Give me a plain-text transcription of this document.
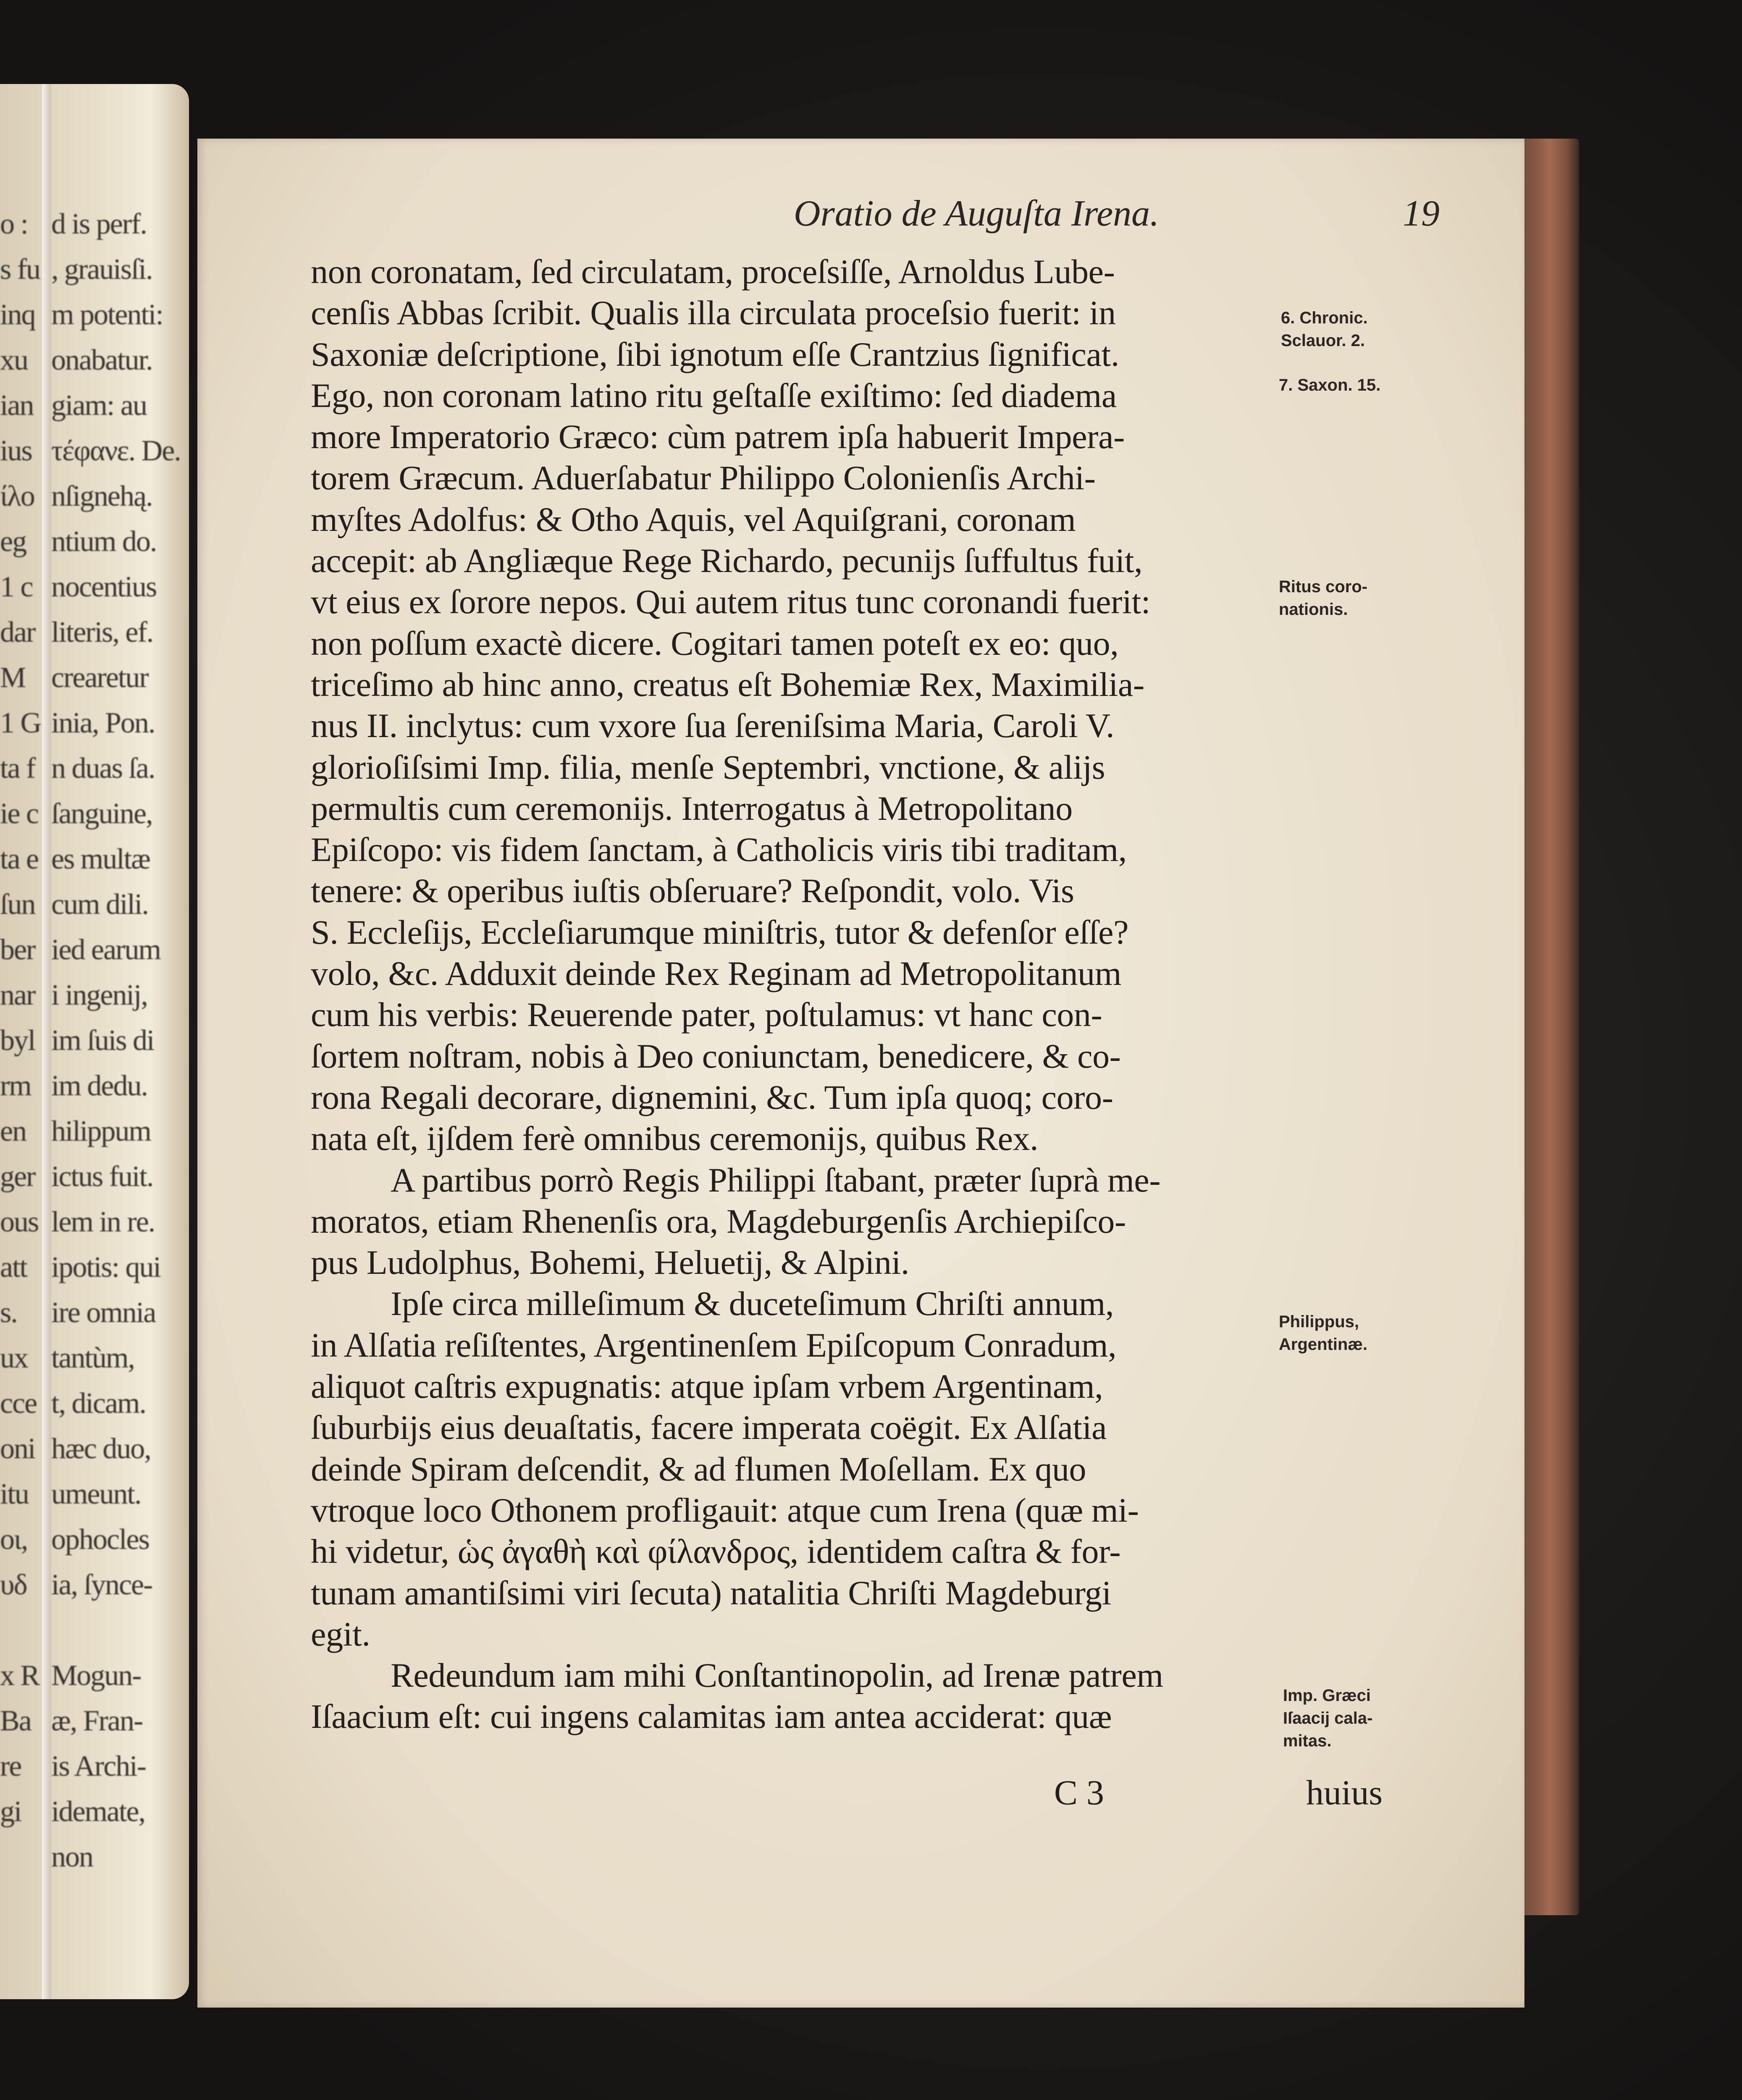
o : d is perf.
s fu , grauisſi.
inq m potenti:
xu onabatur.
ian giam: au
ius τέφανε. De.
ίλο nſignehą.
eg ntium do.
1 c nocentius
dar literis, ef.
M crearetur
1 G inia, Pon.
ta f n duas ſa.
ie c ſanguine,
ta e es multæ
ſun cum dili.
ber ied earum
nar i ingenij,
byl im ſuis di
rm im dedu.
en hilippum
ger ictus fuit.
ous lem in re.
att ipotis: qui
s. ire omnia
ux tantùm,
cce t, dicam.
oni hæc duo,
itu umeunt.
οι, ophocles
υδ ia, ſynce-
x R Mogun-
Ba æ, Fran-
re is Archi-
gi idemate,
non
Oratio de Auguſta Irena.	19
non coronatam, ſed circulatam, proceſsiſſe, Arnoldus Lube-
cenſis Abbas ſcribit. Qualis illa circulata proceſsio fuerit: in
Saxoniæ deſcriptione, ſibi ignotum eſſe Crantzius ſignificat.
Ego, non coronam latino ritu geſtaſſe exiſtimo: ſed diadema
more Imperatorio Græco: cùm patrem ipſa habuerit Impera-
torem Græcum. Aduerſabatur Philippo Colonienſis Archi-
myſtes Adolfus: & Otho Aquis, vel Aquiſgrani, coronam
accepit: ab Angliæque Rege Richardo, pecunijs ſuffultus fuit,
vt eius ex ſorore nepos. Qui autem ritus tunc coronandi fuerit:
non poſſum exactè dicere. Cogitari tamen poteſt ex eo: quo,
triceſimo ab hinc anno, creatus eſt Bohemiæ Rex, Maximilia-
nus II. inclytus: cum vxore ſua ſereniſsima Maria, Caroli V.
glorioſiſsimi Imp. filia, menſe Septembri, vnctione, & alijs
permultis cum ceremonijs. Interrogatus à Metropolitano
Epiſcopo: vis fidem ſanctam, à Catholicis viris tibi traditam,
tenere: & operibus iuſtis obſeruare? Reſpondit, volo. Vis
S. Eccleſijs, Eccleſiarumque miniſtris, tutor & defenſor eſſe?
volo, &c. Adduxit deinde Rex Reginam ad Metropolitanum
cum his verbis: Reuerende pater, poſtulamus: vt hanc con-
ſortem noſtram, nobis à Deo coniunctam, benedicere, & co-
rona Regali decorare, dignemini, &c. Tum ipſa quoq; coro-
nata eſt, ijſdem ferè omnibus ceremonijs, quibus Rex.
A partibus porrò Regis Philippi ſtabant, præter ſuprà me-
moratos, etiam Rhenenſis ora, Magdeburgenſis Archiepiſco-
pus Ludolphus, Bohemi, Heluetij, & Alpini.
Ipſe circa milleſimum & duceteſimum Chriſti annum,
in Alſatia reſiſtentes, Argentinenſem Epiſcopum Conradum,
aliquot caſtris expugnatis: atque ipſam vrbem Argentinam,
ſuburbijs eius deuaſtatis, facere imperata coëgit. Ex Alſatia
deinde Spiram deſcendit, & ad flumen Moſellam. Ex quo
vtroque loco Othonem profligauit: atque cum Irena (quæ mi-
hi videtur, ὡς ἀγαθὴ καὶ φίλανδρος, identidem caſtra & for-
tunam amantiſsimi viri ſecuta) natalitia Chriſti Magdeburgi
egit.
Redeundum iam mihi Conſtantinopolin, ad Irenæ patrem
Iſaacium eſt: cui ingens calamitas iam antea acciderat: quæ
C 3	huius
6. Chronic.
Sclauor. 2.
7. Saxon. 15.
Ritus coro-
nationis.
Philippus,
Argentinæ.
Imp. Græci
Iſaacij cala-
mitas.
